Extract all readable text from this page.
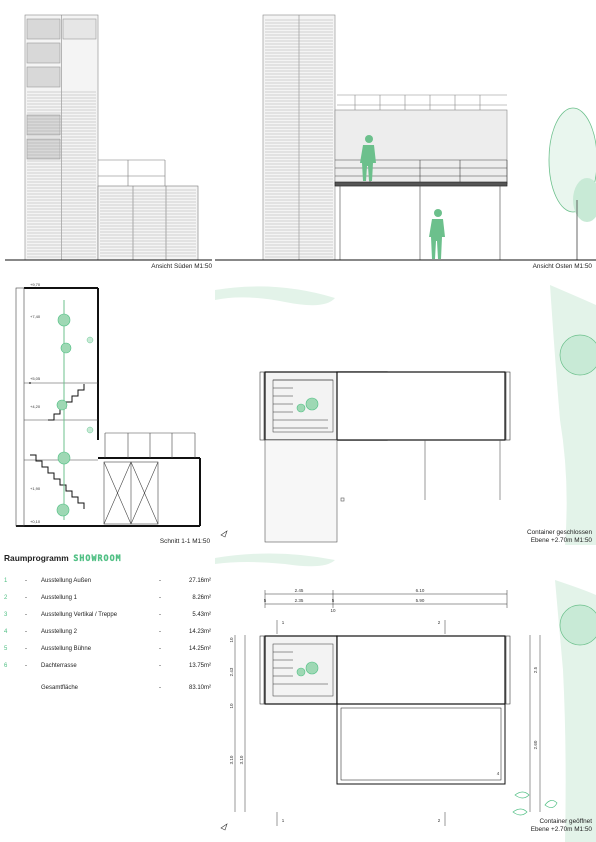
Ansicht Süden M1:50	Ansicht Osten M1:50
+9,70
+7,40
+5,05
+4,20
+1,90
+0,10
Schnitt 1-1 M1:50
Container geschlossen
Ebene +2.70m M1:50
Raumprogramm SHOWROOM
1	- Ausstellung Außen	-	27.16m²
2	- Ausstellung 1	-	8.26m²
3	- Ausstellung Vertikal / Treppe	-	5.43m²
4	- Ausstellung 2	-	14.23m²
5	- Ausstellung Bühne	-	14.25m²
6	- Dachterrasse	-	13.75m²
Gesamtfläche	-	83.10m²
2.45	6.10
5	2.35	5	5.90
10
10
2.43
10
3.10 3.10
2.5
2.60
1
1
2
2
4
Container geöffnet
Ebene +2.70m M1:50
